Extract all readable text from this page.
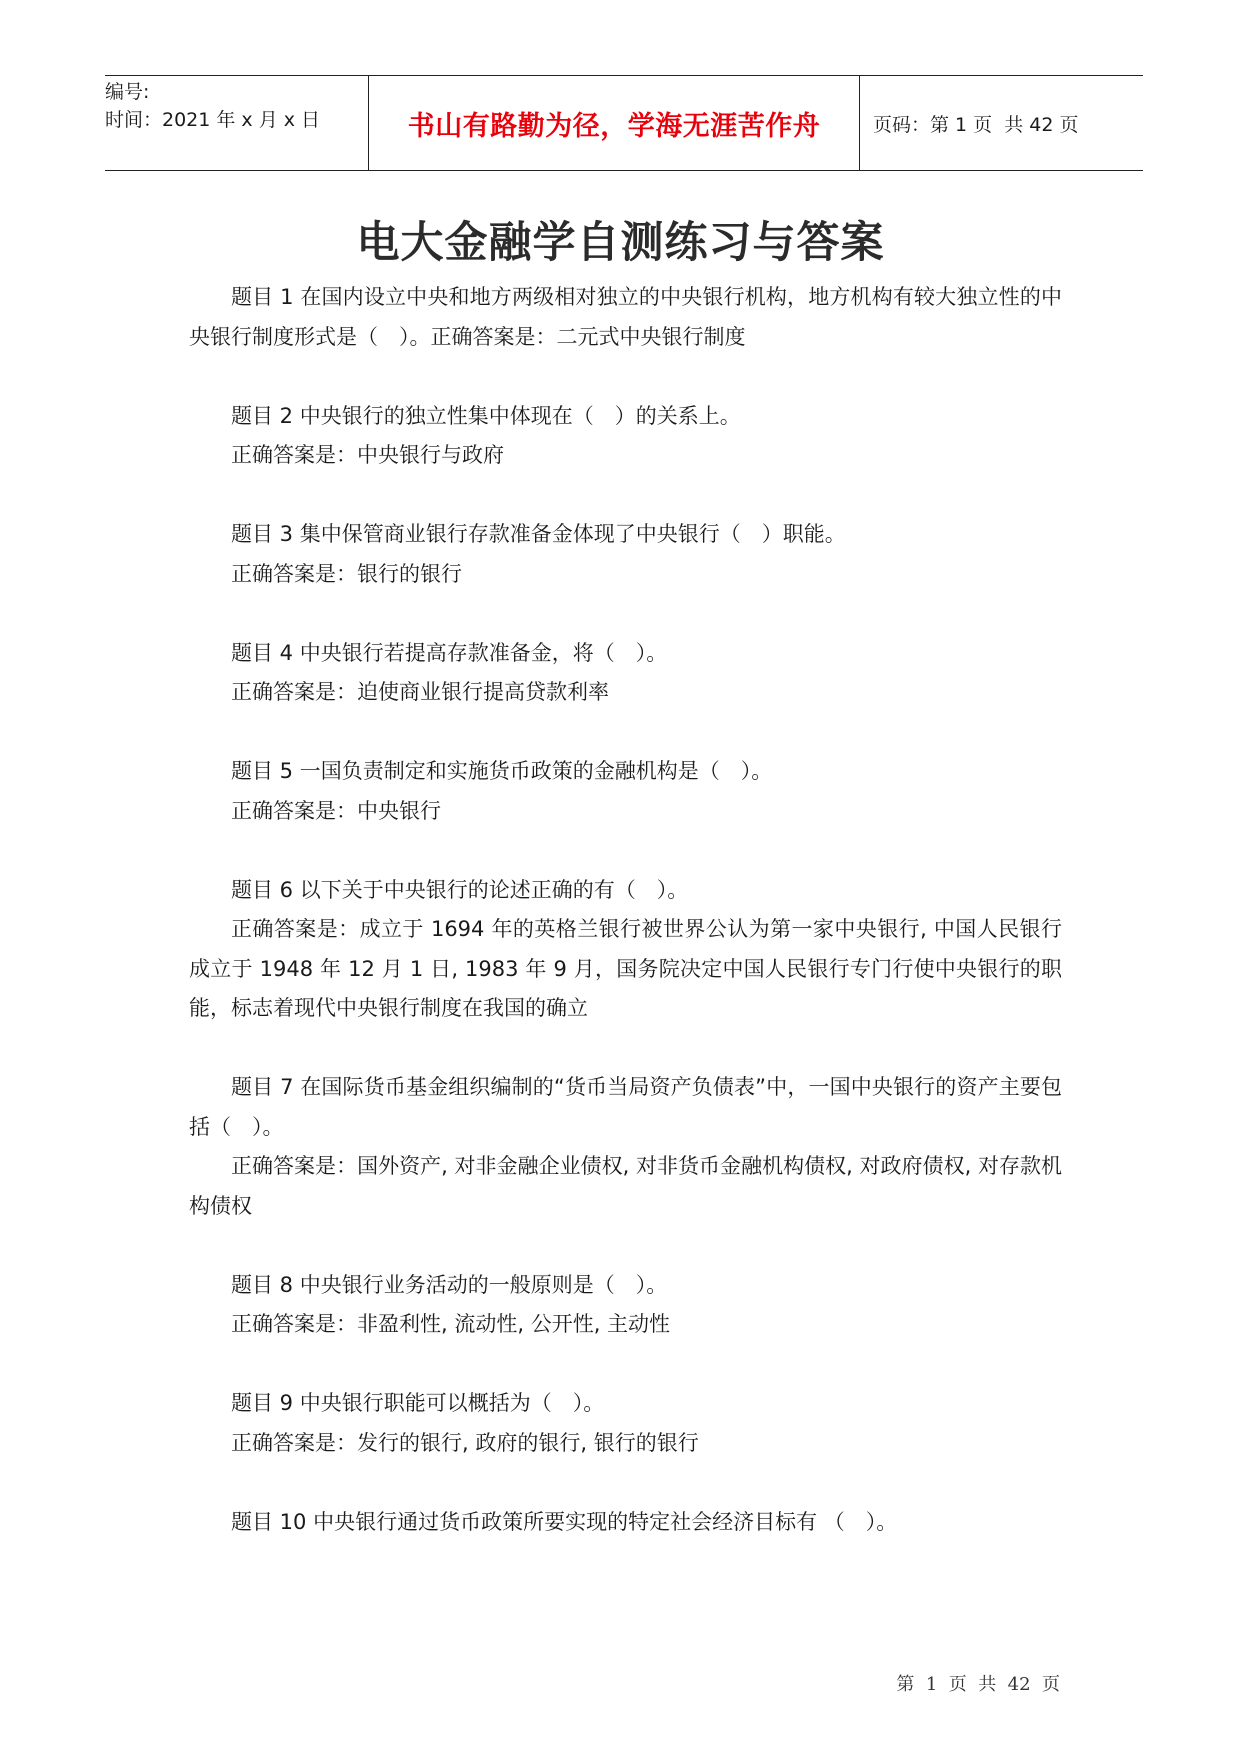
编号:
时间：2021 年 x 月 x 日	书山有路勤为径，学海无涯苦作舟	页码：第 1 页  共 42 页
电大金融学自测练习与答案

题目 1 在国内设立中央和地方两级相对独立的中央银行机构，地方机构有较大独立性的中央银行制度形式是（　）。正确答案是：二元式中央银行制度

题目 2 中央银行的独立性集中体现在（　）的关系上。

正确答案是：中央银行与政府

题目 3 集中保管商业银行存款准备金体现了中央银行（　）职能。

正确答案是：银行的银行

题目 4 中央银行若提高存款准备金，将（　）。

正确答案是：迫使商业银行提高贷款利率

题目 5 一国负责制定和实施货币政策的金融机构是（　）。

正确答案是：中央银行

题目 6 以下关于中央银行的论述正确的有（　）。

正确答案是：成立于 1694 年的英格兰银行被世界公认为第一家中央银行, 中国人民银行成立于 1948 年 12 月 1 日, 1983 年 9 月，国务院决定中国人民银行专门行使中央银行的职能，标志着现代中央银行制度在我国的确立

题目 7 在国际货币基金组织编制的“货币当局资产负债表”中，一国中央银行的资产主要包括（　）。

正确答案是：国外资产, 对非金融企业债权, 对非货币金融机构债权, 对政府债权, 对存款机构债权

题目 8 中央银行业务活动的一般原则是（　）。

正确答案是：非盈利性, 流动性, 公开性, 主动性

题目 9 中央银行职能可以概括为（　）。

正确答案是：发行的银行, 政府的银行, 银行的银行

题目 10 中央银行通过货币政策所要实现的特定社会经济目标有 （　）。

第  1  页  共  42  页
